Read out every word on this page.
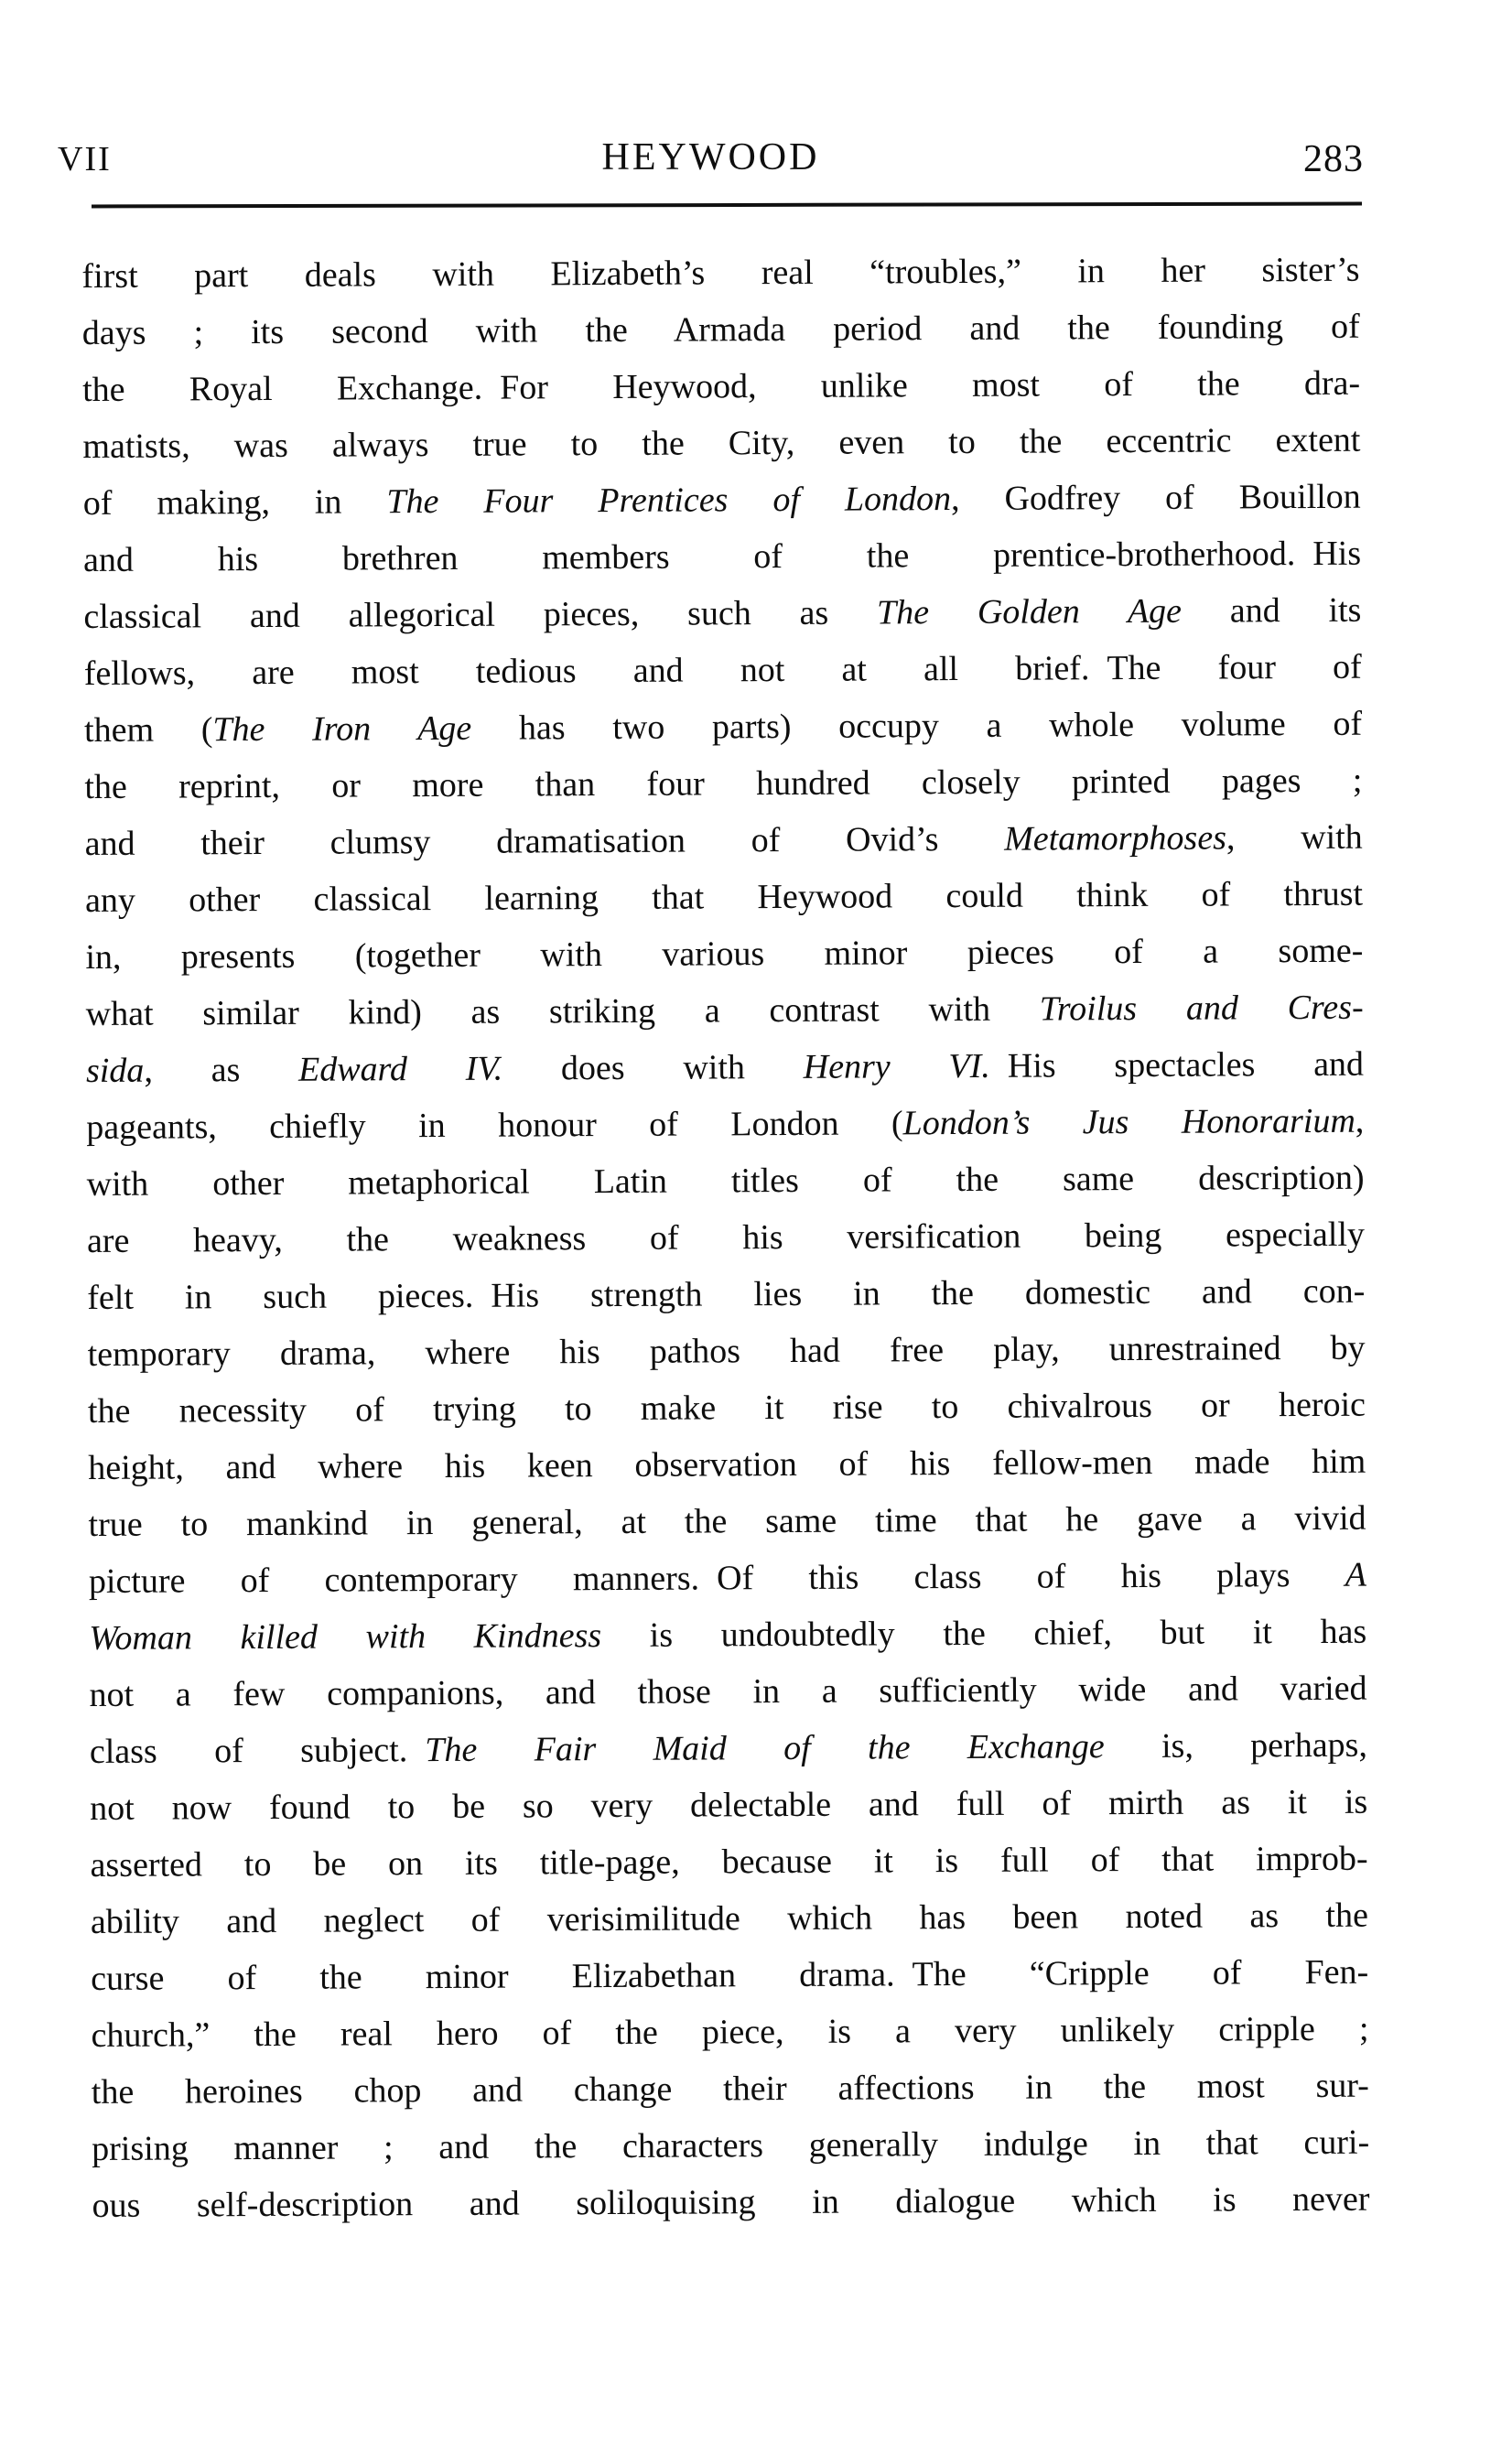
VII	HEYWOOD	283
first part deals with Elizabeth’s real “troubles,” in her sister’s
days ; its second with the Armada period and the founding of
the Royal Exchange. For Heywood, unlike most of the dra-
matists, was always true to the City, even to the eccentric extent
of making, in The Four Prentices of London, Godfrey of Bouillon
and his brethren members of the prentice-brotherhood. His
classical and allegorical pieces, such as The Golden Age and its
fellows, are most tedious and not at all brief. The four of
them (The Iron Age has two parts) occupy a whole volume of
the reprint, or more than four hundred closely printed pages ;
and their clumsy dramatisation of Ovid’s Metamorphoses, with
any other classical learning that Heywood could think of thrust
in, presents (together with various minor pieces of a some-
what similar kind) as striking a contrast with Troilus and Cres-
sida, as Edward IV. does with Henry VI. His spectacles and
pageants, chiefly in honour of London (London’s Jus Honorarium,
with other metaphorical Latin titles of the same description)
are heavy, the weakness of his versification being especially
felt in such pieces. His strength lies in the domestic and con-
temporary drama, where his pathos had free play, unrestrained by
the necessity of trying to make it rise to chivalrous or heroic
height, and where his keen observation of his fellow-men made him
true to mankind in general, at the same time that he gave a vivid
picture of contemporary manners. Of this class of his plays A
Woman killed with Kindness is undoubtedly the chief, but it has
not a few companions, and those in a sufficiently wide and varied
class of subject. The Fair Maid of the Exchange is, perhaps,
not now found to be so very delectable and full of mirth as it is
asserted to be on its title-page, because it is full of that improb-
ability and neglect of verisimilitude which has been noted as the
curse of the minor Elizabethan drama. The “Cripple of Fen-
church,” the real hero of the piece, is a very unlikely cripple ;
the heroines chop and change their affections in the most sur-
prising manner ; and the characters generally indulge in that curi-
ous self-description and soliloquising in dialogue which is never
